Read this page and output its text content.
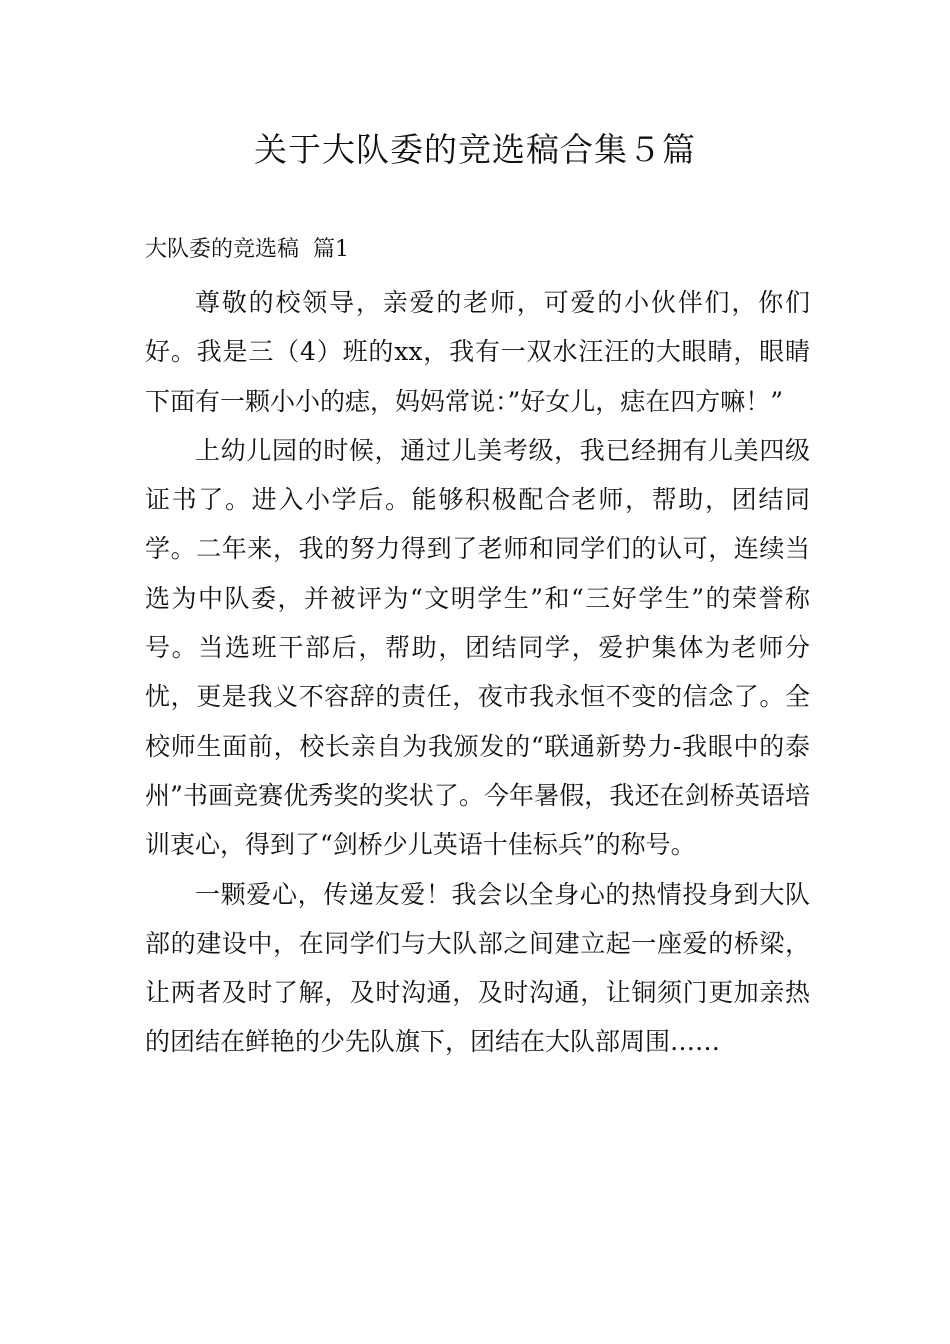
关于大队委的竞选稿合集５篇
大队委的竞选稿  篇1

尊敬的校领导，亲爱的老师，可爱的小伙伴们，你们好。我是三（4）班的xx，我有一双水汪汪的大眼睛，眼睛下面有一颗小小的痣，妈妈常说：”好女儿，痣在四方嘛！”

上幼儿园的时候，通过儿美考级，我已经拥有儿美四级证书了。进入小学后。能够积极配合老师，帮助，团结同学。二年来，我的努力得到了老师和同学们的认可，连续当选为中队委，并被评为“文明学生”和“三好学生”的荣誉称号。当选班干部后，帮助，团结同学，爱护集体为老师分忧，更是我义不容辞的责任，夜市我永恒不变的信念了。全校师生面前，校长亲自为我颁发的“联通新势力-我眼中的泰州”书画竞赛优秀奖的奖状了。今年暑假，我还在剑桥英语培训衷心，得到了“剑桥少儿英语十佳标兵”的称号。

一颗爱心，传递友爱！我会以全身心的热情投身到大队部的建设中，在同学们与大队部之间建立起一座爱的桥梁，让两者及时了解，及时沟通，及时沟通，让铜须门更加亲热的团结在鲜艳的少先队旗下，团结在大队部周围……
